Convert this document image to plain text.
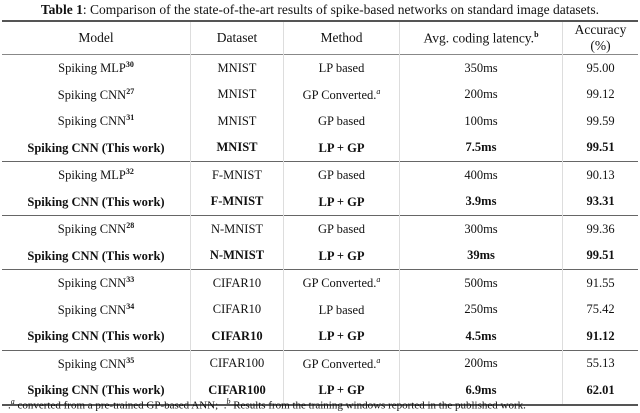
Table 1: Comparison of the state-of-the-art results of spike-based networks on standard image datasets.
Model	Dataset	Method	Avg. coding latency.$^b$	Accuracy (%)
Spiking MLP$^{30}$	MNIST	LP based	350ms	95.00
Spiking CNN$^{27}$	MNIST	GP Converted.$^a$	200ms	99.12
Spiking CNN$^{31}$	MNIST	GP based	100ms	99.59
Spiking CNN (This work)	MNIST	LP + GP	7.5ms	99.51
Spiking MLP$^{32}$	F-MNIST	GP based	400ms	90.13
Spiking CNN (This work)	F-MNIST	LP + GP	3.9ms	93.31
Spiking CNN$^{28}$	N-MNIST	GP based	300ms	99.36
Spiking CNN (This work)	N-MNIST	LP + GP	39ms	99.51
Spiking CNN$^{33}$	CIFAR10	GP Converted.$^a$	500ms	91.55
Spiking CNN$^{34}$	CIFAR10	LP based	250ms	75.42
Spiking CNN (This work)	CIFAR10	LP + GP	4.5ms	91.12
Spiking CNN$^{35}$	CIFAR100	GP Converted.$^a$	200ms	55.13
Spiking CNN (This work)	CIFAR100	LP + GP	6.9ms	62.01
.$^a$ converted from a pre-trained GP-based ANN;  .$^b$ Results from the training windows reported in the published work.
